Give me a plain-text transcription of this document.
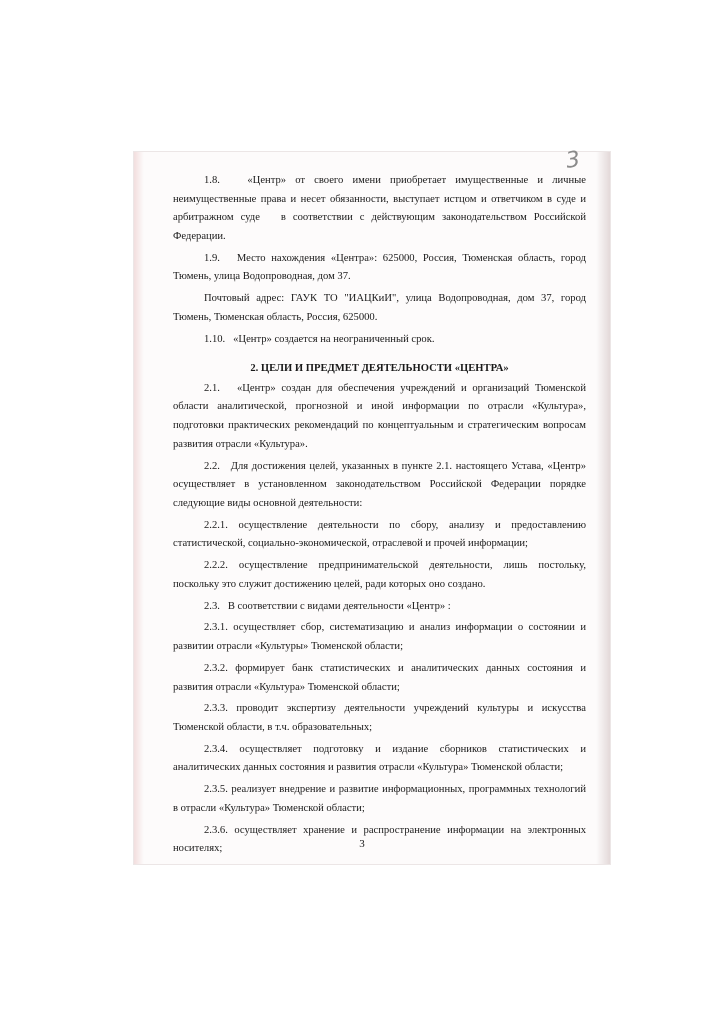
3

1.8.   «Центр» от своего имени приобретает имущественные и личные неимущественные права и несет обязанности, выступает истцом и ответчиком в суде и арбитражном суде   в соответствии с действующим законодательством Российской Федерации.

1.9.   Место нахождения «Центра»: 625000, Россия, Тюменская область, город Тюмень, улица Водопроводная, дом 37.

Почтовый адрес: ГАУК ТО "ИАЦКиИ", улица Водопроводная, дом 37, город Тюмень, Тюменская область, Россия, 625000.

1.10.   «Центр» создается на неограниченный срок.

2. ЦЕЛИ И ПРЕДМЕТ ДЕЯТЕЛЬНОСТИ «ЦЕНТРА»

2.1.   «Центр» создан для обеспечения учреждений и организаций Тюменской области аналитической, прогнозной и иной информации по отрасли «Культура», подготовки практических рекомендаций по концептуальным и стратегическим вопросам развития отрасли «Культура».

2.2.   Для достижения целей, указанных в пункте 2.1. настоящего Устава, «Центр» осуществляет в установленном законодательством Российской Федерации порядке следующие виды основной деятельности:

2.2.1. осуществление деятельности по сбору, анализу и предоставлению статистической, социально-экономической, отраслевой и прочей информации;

2.2.2. осуществление предпринимательской деятельности, лишь постольку, поскольку это служит достижению целей, ради которых оно создано.

2.3.   В соответствии с видами деятельности «Центр» :

2.3.1. осуществляет сбор, систематизацию и анализ информации о состоянии и развитии отрасли «Культуры» Тюменской области;

2.3.2. формирует банк статистических и аналитических данных состояния и развития отрасли «Культура» Тюменской области;

2.3.3. проводит экспертизу деятельности учреждений культуры и искусства Тюменской области, в т.ч. образовательных;

2.3.4. осуществляет подготовку и издание сборников статистических и аналитических данных состояния и развития отрасли «Культура» Тюменской области;

2.3.5. реализует внедрение и развитие информационных, программных технологий в отрасли «Культура» Тюменской области;

2.3.6. осуществляет хранение и распространение информации на электронных носителях;	3
